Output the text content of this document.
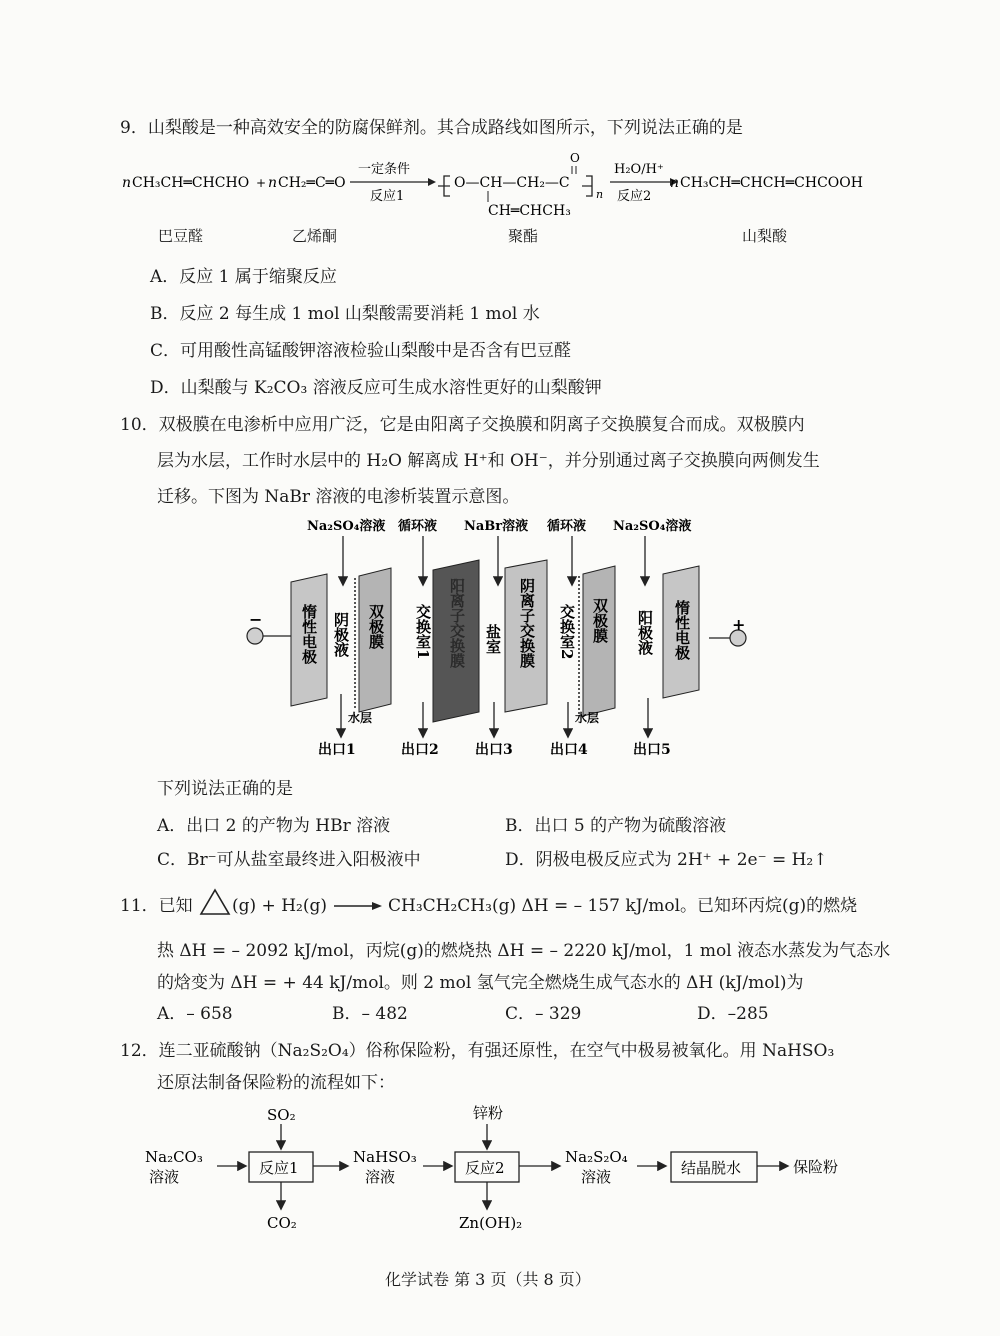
9．山梨酸是一种高效安全的防腐保鲜剂。其合成路线如图所示，下列说法正确的是
n CH₃CH═CHCHO + n CH₂═C═O
一定条件
反应1
O—CH—CH₂—C
O
CH═CHCH₃
n
H₂O/H⁺
反应2
n CH₃CH═CHCH═CHCOOH
巴豆醛	乙烯酮	聚酯	山梨酸
A．反应 1 属于缩聚反应
B．反应 2 每生成 1 mol 山梨酸需要消耗 1 mol 水
C．可用酸性高锰酸钾溶液检验山梨酸中是否含有巴豆醛
D．山梨酸与 K₂CO₃ 溶液反应可生成水溶性更好的山梨酸钾
10．双极膜在电渗析中应用广泛，它是由阳离子交换膜和阴离子交换膜复合而成。双极膜内
层为水层，工作时水层中的 H₂O 解离成 H⁺和 OH⁻，并分别通过离子交换膜向两侧发生
迁移。下图为 NaBr 溶液的电渗析装置示意图。
Na₂SO₄溶液 循环液 NaBr溶液 循环液 Na₂SO₄溶液
−	+
惰性电极 阴极液 双极膜 交换室1 阳离子交换膜 盐室 阴离子交换膜 交换室2 双极膜 阳极液 惰性电极
水层	水层
出口1	出口2	出口3	出口4	出口5
下列说法正确的是
A．出口 2 的产物为 HBr 溶液	B．出口 5 的产物为硫酸溶液
C．Br⁻可从盐室最终进入阳极液中	D．阴极电极反应式为 2H⁺ + 2e⁻ = H₂↑
11．已知 (g) + H₂(g)	CH₃CH₂CH₃(g) ΔH = – 157 kJ/mol。已知环丙烷(g)的燃烧
热 ΔH = – 2092 kJ/mol，丙烷(g)的燃烧热 ΔH = – 2220 kJ/mol，1 mol 液态水蒸发为气态水
的焓变为 ΔH = + 44 kJ/mol。则 2 mol 氢气完全燃烧生成气态水的 ΔH (kJ/mol)为
A．– 658	B．– 482	C．– 329	D．–285
12．连二亚硫酸钠（Na₂S₂O₄）俗称保险粉，有强还原性，在空气中极易被氧化。用 NaHSO₃
还原法制备保险粉的流程如下：
Na₂CO₃
溶液	反应1
SO₂
CO₂
NaHSO₃
溶液	反应2
锌粉
Zn(OH)₂
Na₂S₂O₄
溶液	结晶脱水	保险粉
化学试卷 第 3 页（共 8 页）
